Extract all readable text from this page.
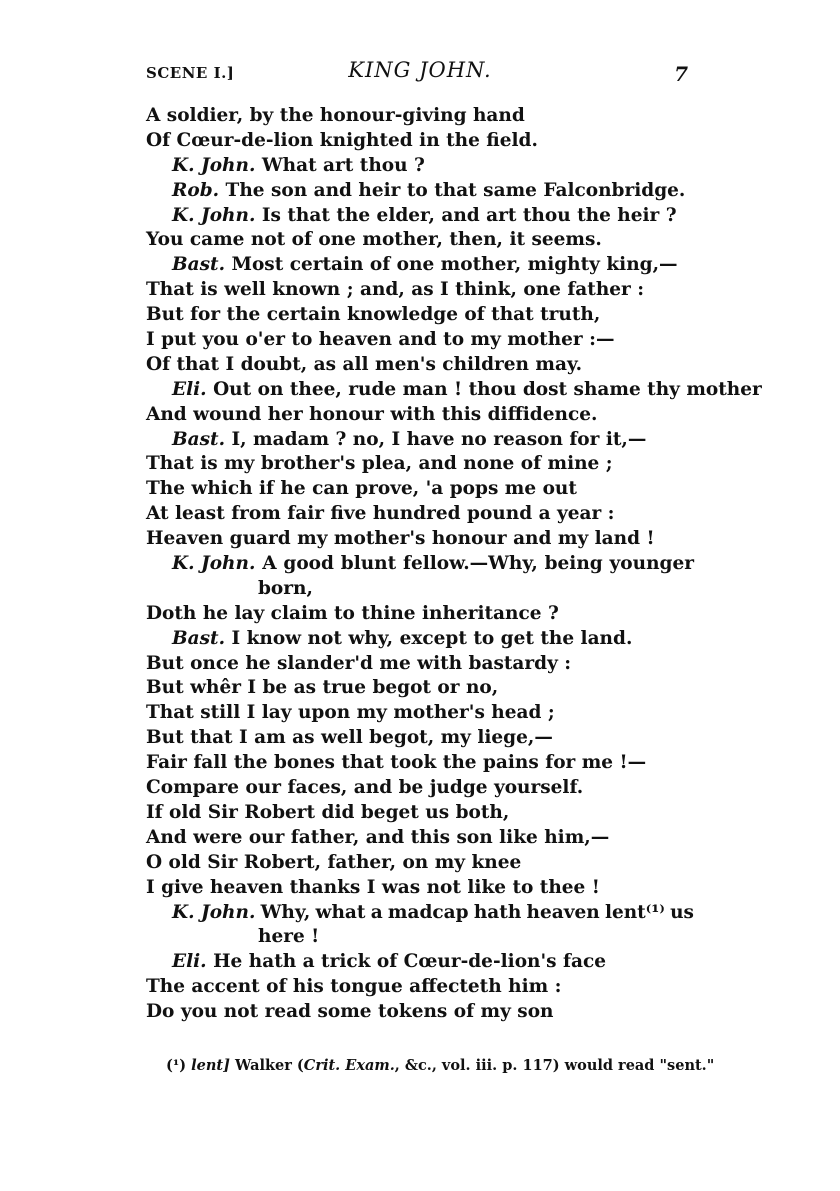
SCENE I.]	KING JOHN.	7
A soldier, by the honour-giving hand
Of Cœur-de-lion knighted in the field.
K. John. What art thou ?
Rob. The son and heir to that same Falconbridge.
K. John. Is that the elder, and art thou the heir ?
You came not of one mother, then, it seems.
Bast. Most certain of one mother, mighty king,—
That is well known ; and, as I think, one father :
But for the certain knowledge of that truth,
I put you o'er to heaven and to my mother :—
Of that I doubt, as all men's children may.
Eli. Out on thee, rude man ! thou dost shame thy mother
And wound her honour with this diffidence.
Bast. I, madam ? no, I have no reason for it,—
That is my brother's plea, and none of mine ;
The which if he can prove, 'a pops me out
At least from fair five hundred pound a year :
Heaven guard my mother's honour and my land !
K. John. A good blunt fellow.—Why, being younger
born,
Doth he lay claim to thine inheritance ?
Bast. I know not why, except to get the land.
But once he slander'd me with bastardy :
But whêr I be as true begot or no,
That still I lay upon my mother's head ;
But that I am as well begot, my liege,—
Fair fall the bones that took the pains for me !—
Compare our faces, and be judge yourself.
If old Sir Robert did beget us both,
And were our father, and this son like him,—
O old Sir Robert, father, on my knee
I give heaven thanks I was not like to thee !
K. John. Why, what a madcap hath heaven lent⁽¹⁾ us
here !
Eli. He hath a trick of Cœur-de-lion's face
The accent of his tongue affecteth him :
Do you not read some tokens of my son
(¹) lent] Walker (Crit. Exam., &c., vol. iii. p. 117) would read "sent."
